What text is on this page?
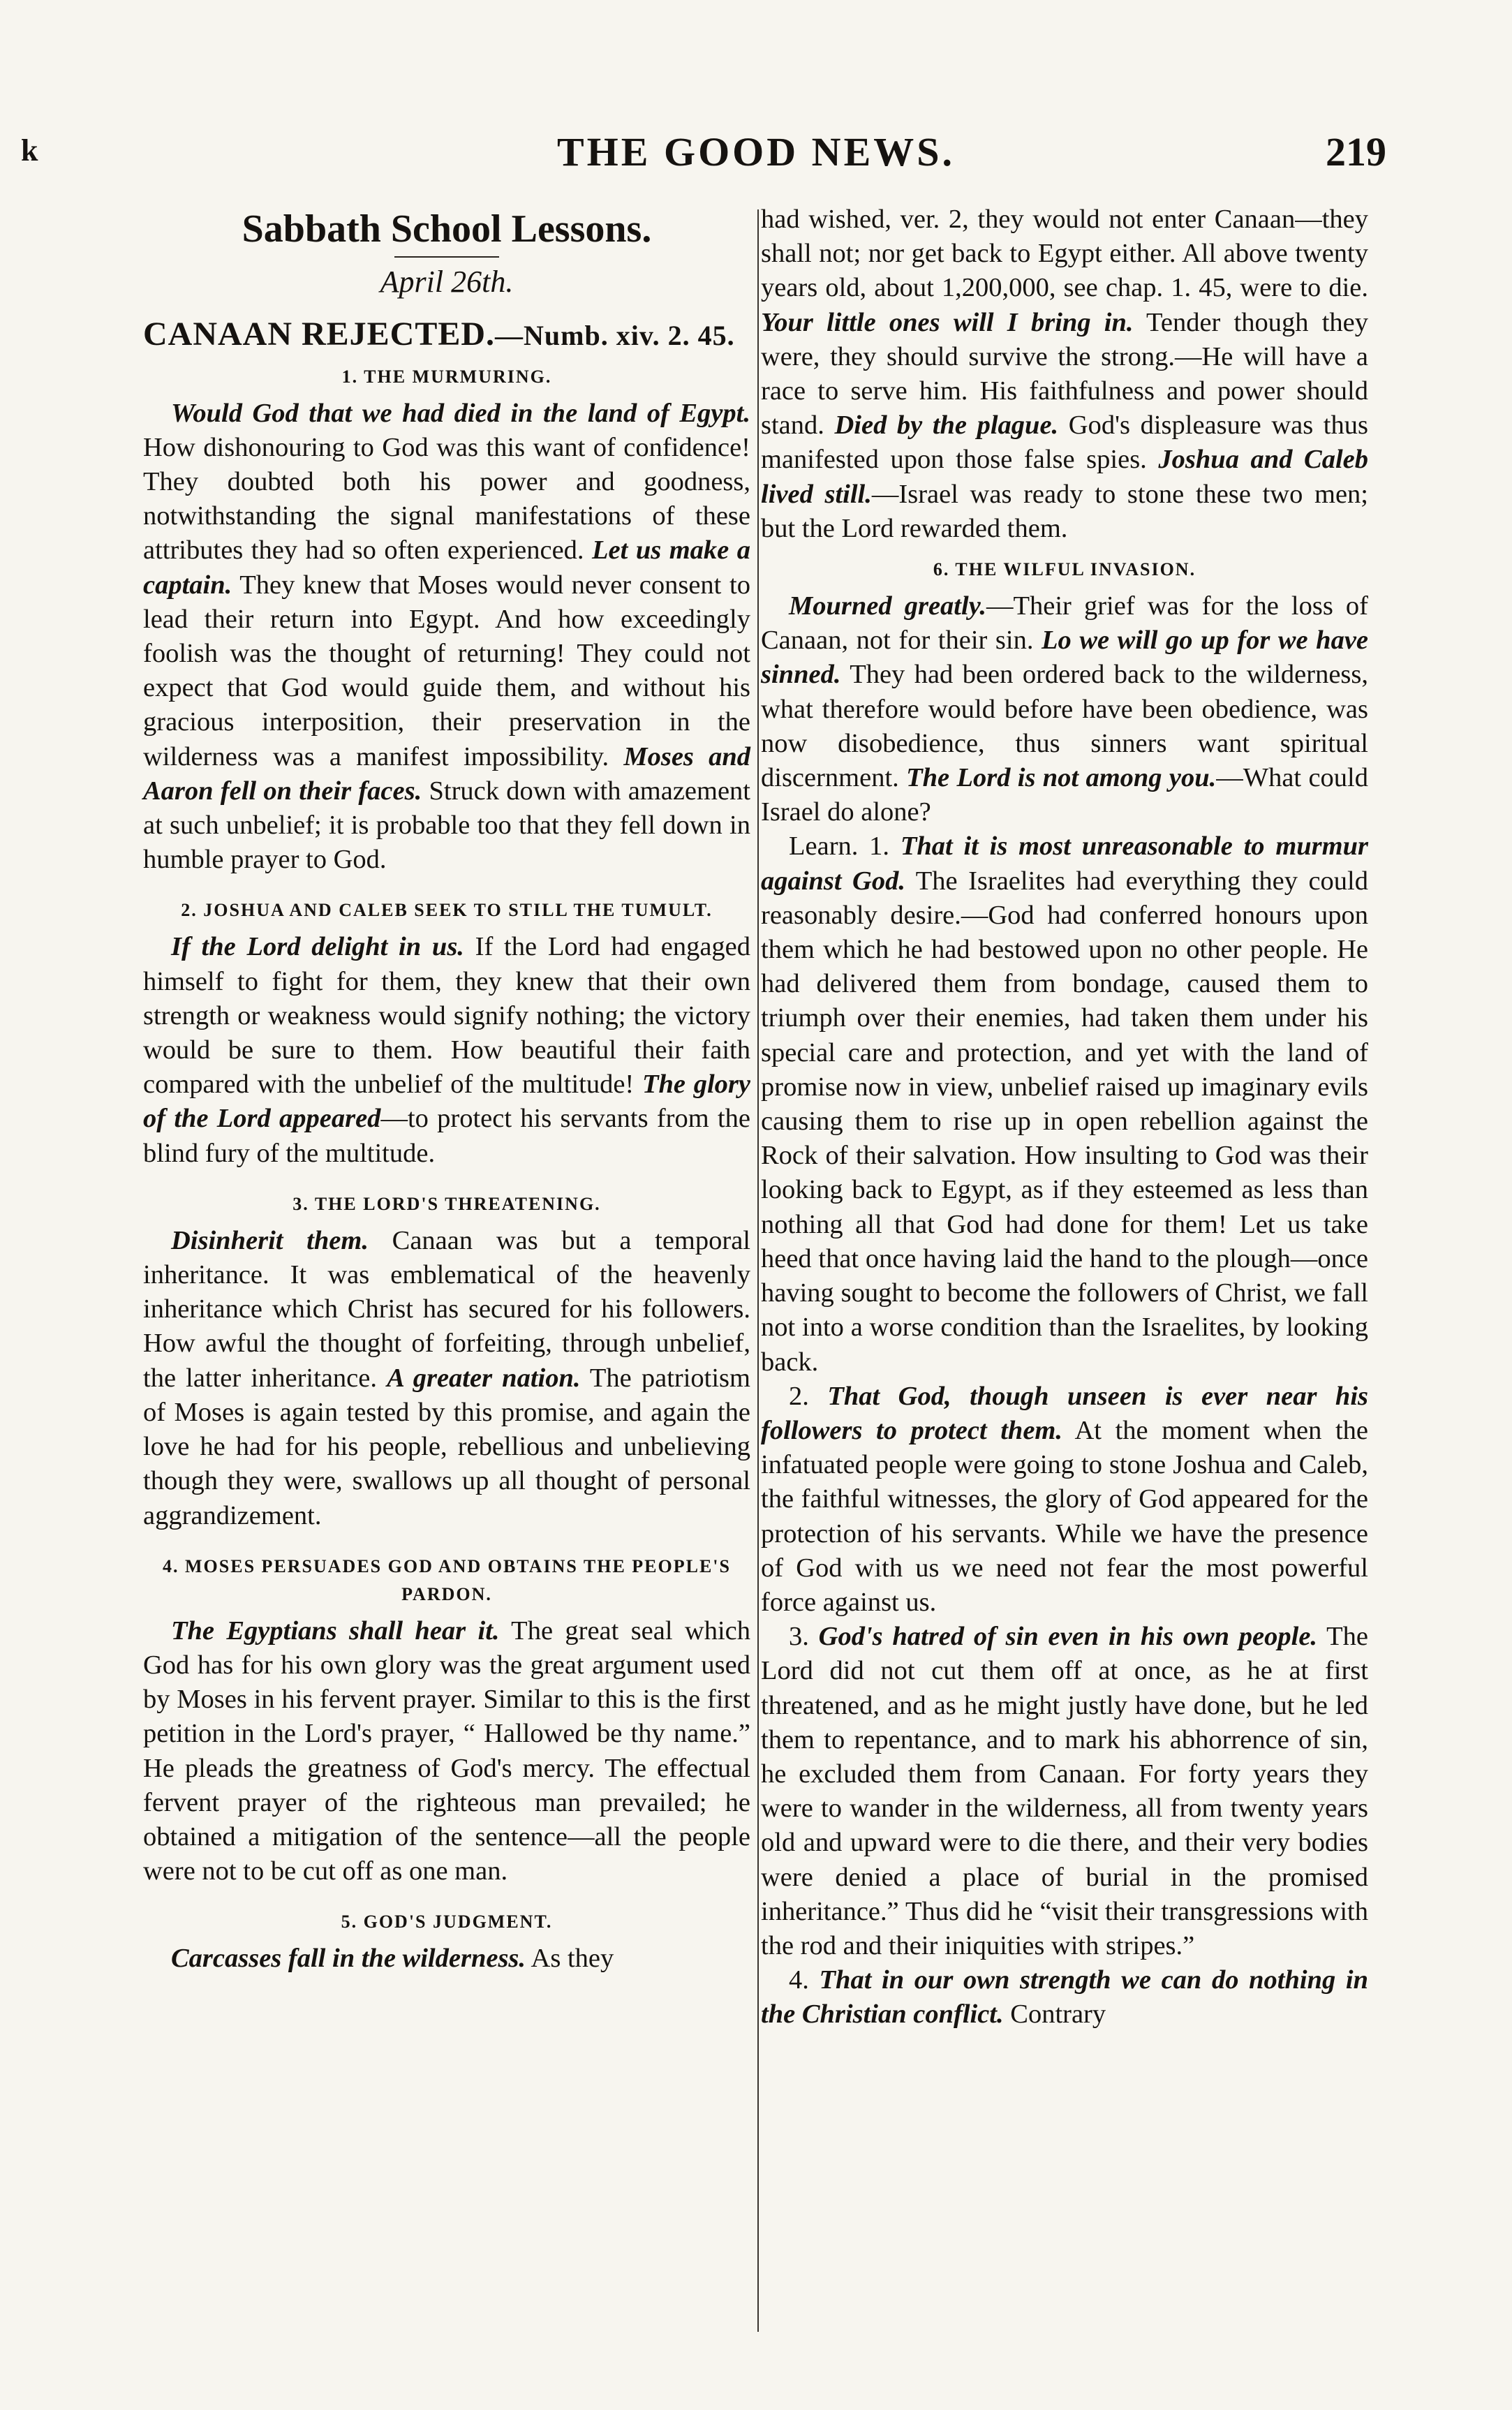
k	THE GOOD NEWS.	219
Sabbath School Lessons.
April 26th.
CANAAN REJECTED.—Numb. xiv. 2. 45.
1. THE MURMURING.

Would God that we had died in the land of Egypt. How dishonouring to God was this want of confidence! They doubted both his power and goodness, notwithstanding the signal manifestations of these attributes they had so often experienced. Let us make a captain. They knew that Moses would never consent to lead their return into Egypt. And how exceedingly foolish was the thought of returning! They could not expect that God would guide them, and without his gracious interposition, their preservation in the wilderness was a manifest impossibility. Moses and Aaron fell on their faces. Struck down with amazement at such unbelief; it is probable too that they fell down in humble prayer to God.

2. JOSHUA AND CALEB SEEK TO STILL THE TUMULT.

If the Lord delight in us. If the Lord had engaged himself to fight for them, they knew that their own strength or weakness would signify nothing; the victory would be sure to them. How beautiful their faith compared with the unbelief of the multitude! The glory of the Lord appeared—to protect his servants from the blind fury of the multitude.

3. THE LORD'S THREATENING.

Disinherit them. Canaan was but a temporal inheritance. It was emblematical of the heavenly inheritance which Christ has secured for his followers. How awful the thought of forfeiting, through unbelief, the latter inheritance. A greater nation. The patriotism of Moses is again tested by this promise, and again the love he had for his people, rebellious and unbelieving though they were, swallows up all thought of personal aggrandizement.

4. MOSES PERSUADES GOD AND OBTAINS THE PEOPLE'S PARDON.

The Egyptians shall hear it. The great seal which God has for his own glory was the great argument used by Moses in his fervent prayer. Similar to this is the first petition in the Lord's prayer, “ Hallowed be thy name.” He pleads the greatness of God's mercy. The effectual fervent prayer of the righteous man prevailed; he obtained a mitigation of the sentence—all the people were not to be cut off as one man.

5. GOD'S JUDGMENT.

Carcasses fall in the wilderness. As they

had wished, ver. 2, they would not enter Canaan—they shall not; nor get back to Egypt either. All above twenty years old, about 1,200,000, see chap. 1. 45, were to die. Your little ones will I bring in. Tender though they were, they should survive the strong.—He will have a race to serve him. His faithfulness and power should stand. Died by the plague. God's displeasure was thus manifested upon those false spies. Joshua and Caleb lived still.—Israel was ready to stone these two men; but the Lord rewarded them.

6. THE WILFUL INVASION.

Mourned greatly.—Their grief was for the loss of Canaan, not for their sin. Lo we will go up for we have sinned. They had been ordered back to the wilderness, what therefore would before have been obedience, was now disobedience, thus sinners want spiritual discernment. The Lord is not among you.—What could Israel do alone?

Learn. 1. That it is most unreasonable to murmur against God. The Israelites had everything they could reasonably desire.—God had conferred honours upon them which he had bestowed upon no other people. He had delivered them from bondage, caused them to triumph over their enemies, had taken them under his special care and protection, and yet with the land of promise now in view, unbelief raised up imaginary evils causing them to rise up in open rebellion against the Rock of their salvation. How insulting to God was their looking back to Egypt, as if they esteemed as less than nothing all that God had done for them! Let us take heed that once having laid the hand to the plough—once having sought to become the followers of Christ, we fall not into a worse condition than the Israelites, by looking back.

2. That God, though unseen is ever near his followers to protect them. At the moment when the infatuated people were going to stone Joshua and Caleb, the faithful witnesses, the glory of God appeared for the protection of his servants. While we have the presence of God with us we need not fear the most powerful force against us.

3. God's hatred of sin even in his own people. The Lord did not cut them off at once, as he at first threatened, and as he might justly have done, but he led them to repentance, and to mark his abhorrence of sin, he excluded them from Canaan. For forty years they were to wander in the wilderness, all from twenty years old and upward were to die there, and their very bodies were denied a place of burial in the promised inheritance.” Thus did he “visit their transgressions with the rod and their iniquities with stripes.”

4. That in our own strength we can do nothing in the Christian conflict. Contrary
